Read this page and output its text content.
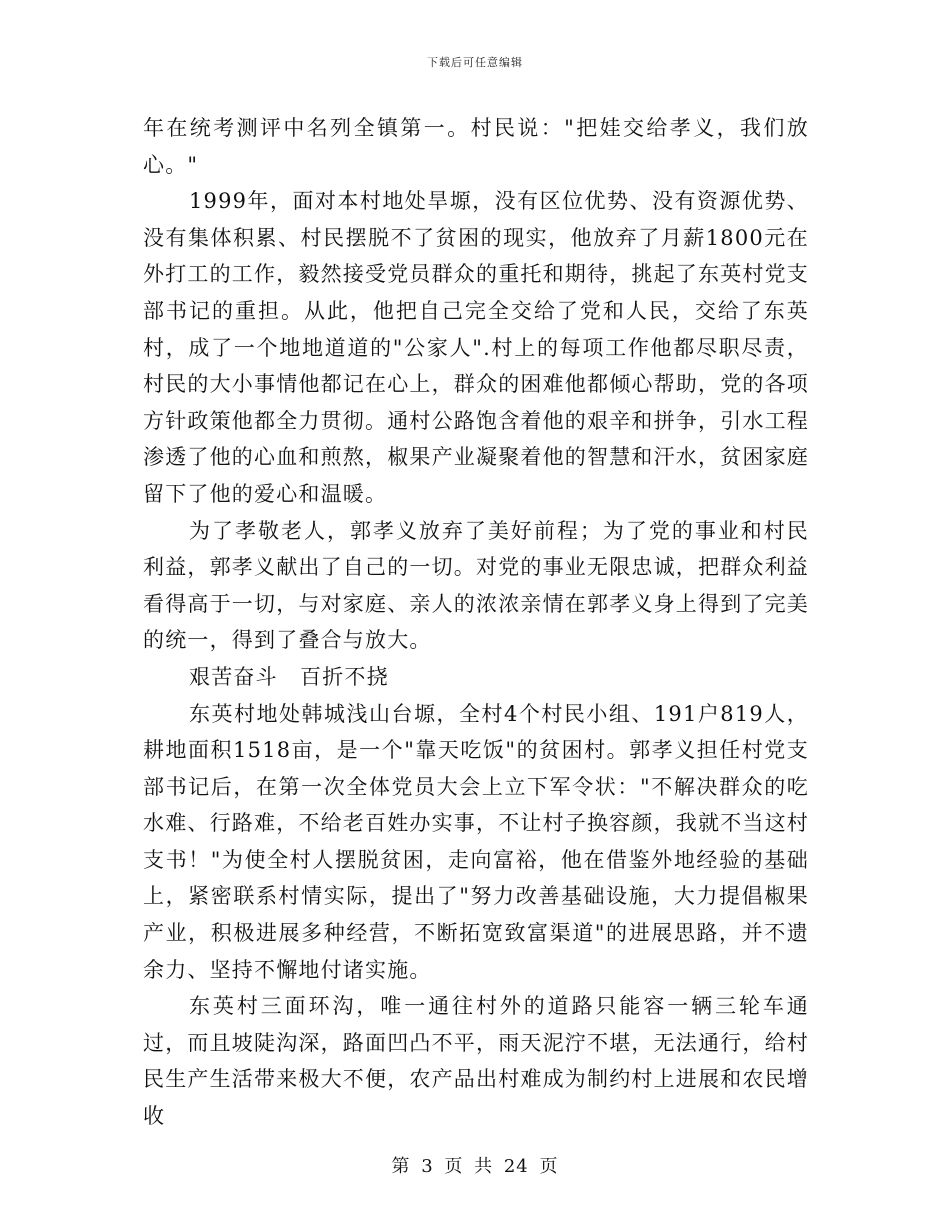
下载后可任意编辑

年在统考测评中名列全镇第一。村民说："把娃交给孝义，我们放心。"

1999年，面对本村地处旱塬，没有区位优势、没有资源优势、没有集体积累、村民摆脱不了贫困的现实，他放弃了月薪1800元在外打工的工作，毅然接受党员群众的重托和期待，挑起了东英村党支部书记的重担。从此，他把自己完全交给了党和人民，交给了东英村，成了一个地地道道的"公家人".村上的每项工作他都尽职尽责，村民的大小事情他都记在心上，群众的困难他都倾心帮助，党的各项方针政策他都全力贯彻。通村公路饱含着他的艰辛和拼争，引水工程渗透了他的心血和煎熬，椒果产业凝聚着他的智慧和汗水，贫困家庭留下了他的爱心和温暖。

为了孝敬老人，郭孝义放弃了美好前程；为了党的事业和村民利益，郭孝义献出了自己的一切。对党的事业无限忠诚，把群众利益看得高于一切，与对家庭、亲人的浓浓亲情在郭孝义身上得到了完美的统一，得到了叠合与放大。

艰苦奋斗　百折不挠

东英村地处韩城浅山台塬，全村4个村民小组、191户819人，耕地面积1518亩，是一个"靠天吃饭"的贫困村。郭孝义担任村党支部书记后，在第一次全体党员大会上立下军令状："不解决群众的吃水难、行路难，不给老百姓办实事，不让村子换容颜，我就不当这村支书！"为使全村人摆脱贫困，走向富裕，他在借鉴外地经验的基础上，紧密联系村情实际，提出了"努力改善基础设施，大力提倡椒果产业，积极进展多种经营，不断拓宽致富渠道"的进展思路，并不遗余力、坚持不懈地付诸实施。

东英村三面环沟，唯一通往村外的道路只能容一辆三轮车通过，而且坡陡沟深，路面凹凸不平，雨天泥泞不堪，无法通行，给村民生产生活带来极大不便，农产品出村难成为制约村上进展和农民增收

第 3 页 共 24 页
